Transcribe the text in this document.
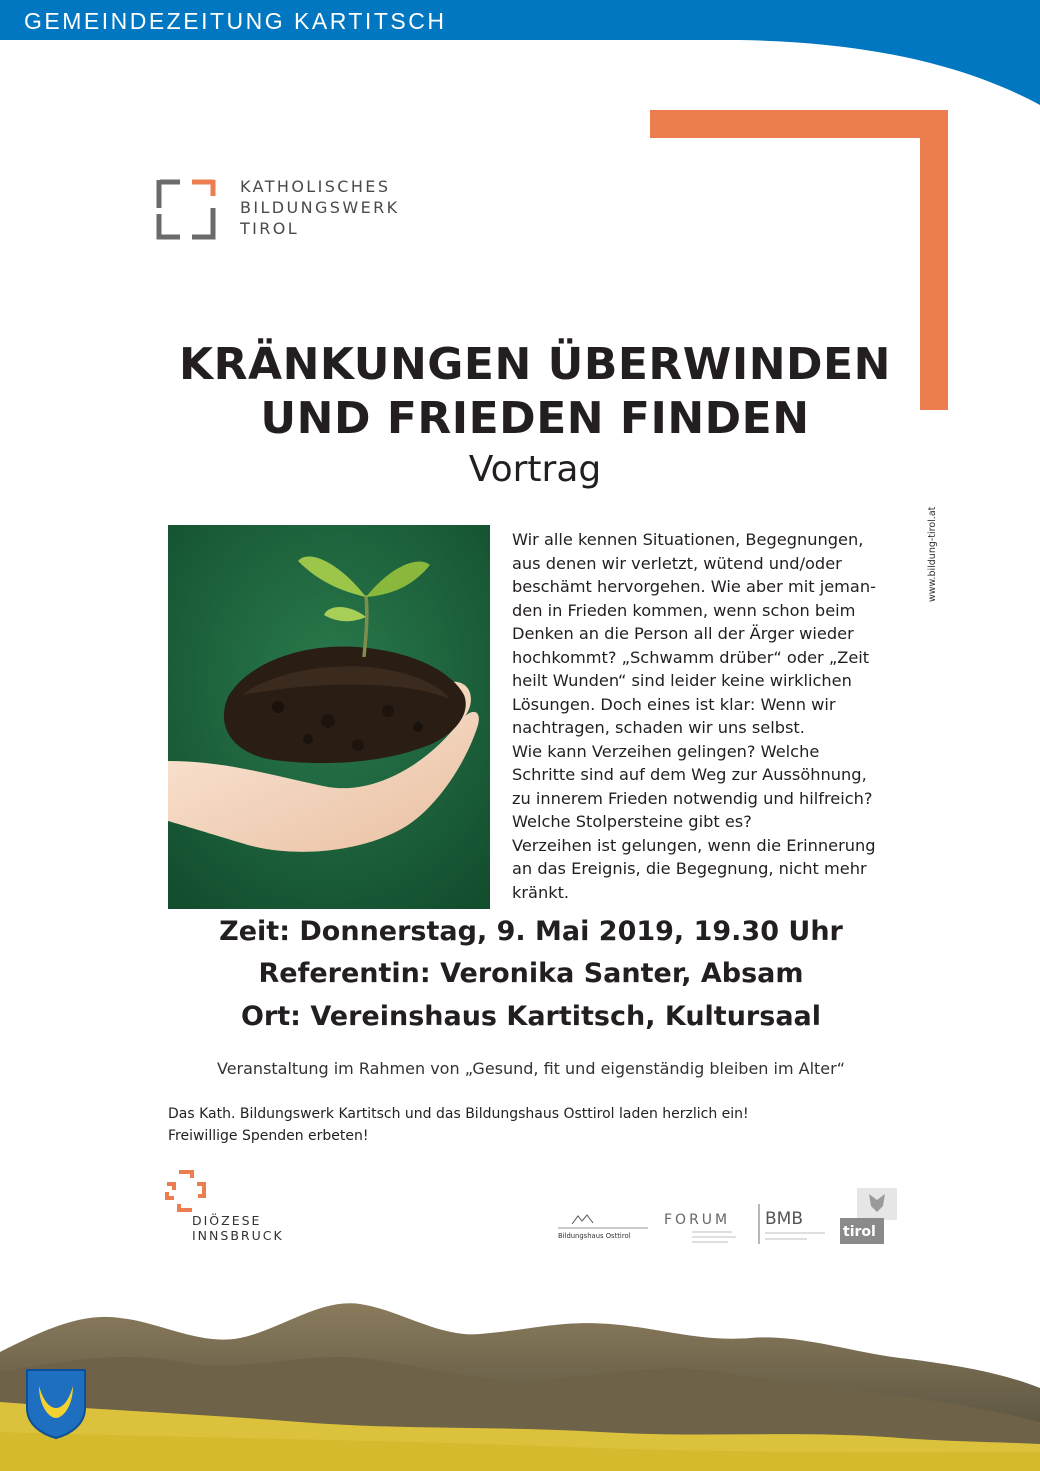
GEMEINDEZEITUNG KARTITSCH
KATHOLISCHES
BILDUNGSWERK
TIROL
KRÄNKUNGEN ÜBERWINDEN
UND FRIEDEN FINDEN
Vortrag
www.bildung-tirol.at

Wir alle kennen Situationen, Begegnungen,

aus denen wir verletzt, wütend und/oder

beschämt hervorgehen. Wie aber mit jeman-

den in Frieden kommen, wenn schon beim

Denken an die Person all der Ärger wieder

hochkommt? „Schwamm drüber“ oder „Zeit

heilt Wunden“ sind leider keine wirklichen

Lösungen. Doch eines ist klar: Wenn wir

nachtragen, schaden wir uns selbst.

Wie kann Verzeihen gelingen? Welche

Schritte sind auf dem Weg zur Aussöhnung,

zu innerem Frieden notwendig und hilfreich?

Welche Stolpersteine gibt es?

Verzeihen ist gelungen, wenn die Erinnerung

an das Ereignis, die Begegnung, nicht mehr

kränkt.

Zeit: Donnerstag, 9. Mai 2019, 19.30 Uhr
Referentin: Veronika Santer, Absam
Ort: Vereinshaus Kartitsch, Kultursaal
Veranstaltung im Rahmen von „Gesund, fit und eigenständig bleiben im Alter“
Das Kath. Bildungswerk Kartitsch und das Bildungshaus Osttirol laden herzlich ein!
Freiwillige Spenden erbeten!
DIÖZESE
INNSBRUCK	Bildungshaus Osttirol
FORUM BMB
tirol
